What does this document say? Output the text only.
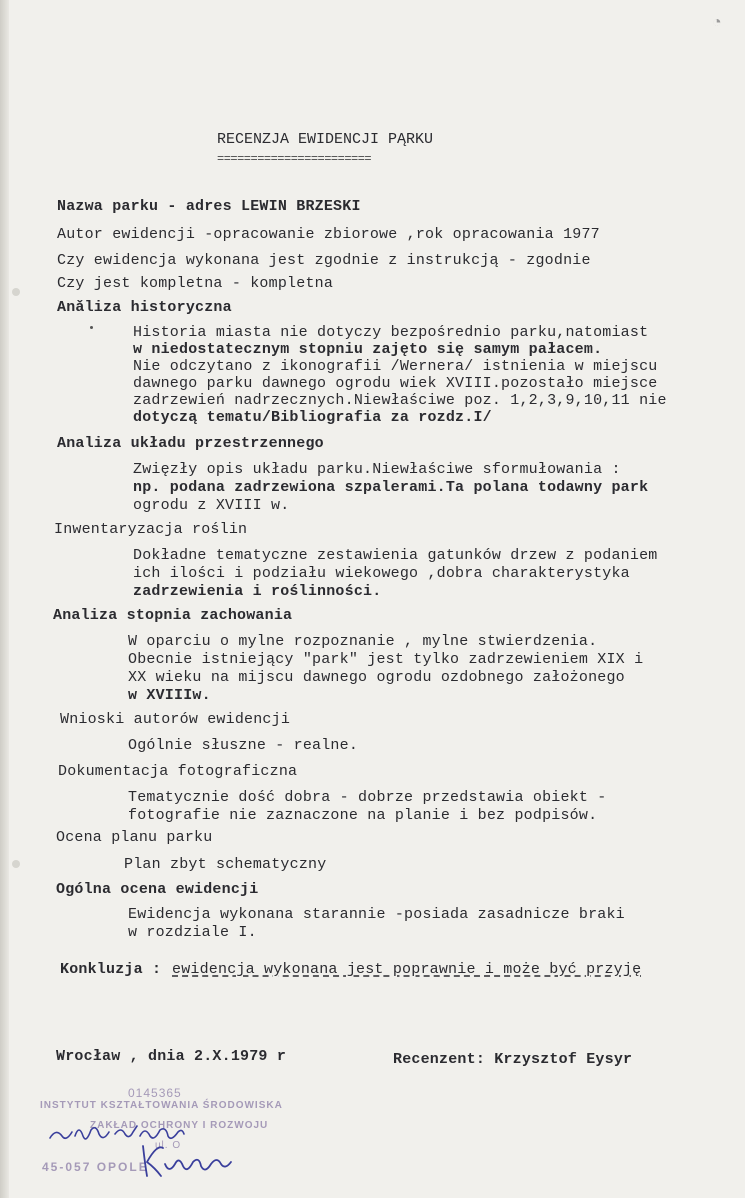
◔
RECENZJA EWIDENCJI PĄRKU
=======================
Nazwa parku - adres LEWIN BRZESKI
Autor ewidencji -opracowanie zbiorowe ,rok opracowania 1977
Czy ewidencja wykonana jest zgodnie z instrukcją - zgodnie
Czy jest kompletna - kompletna
Anǎliza historyczna
Historia miasta nie dotyczy bezpośrednio parku,natomiast
w niedostatecznym stopniu zajęto się samym pałacem.
Nie odczytano z ikonografii /Wernera/ istnienia w miejscu
dawnego parku dawnego ogrodu wiek XVIII.pozostało miejsce
zadrzewień nadrzecznych.Niewłaściwe poz. 1,2,3,9,10,11 nie
dotyczą tematu/Bibliografia za rozdz.I/
Analiza układu przestrzennego
Zwięzły opis układu parku.Niewłaściwe sformułowania :
np. podana zadrzewiona szpalerami.Ta polana todawny park
ogrodu z XVIII w.
Inwentaryzacja roślin
Dokładne tematyczne zestawienia gatunków drzew z podaniem
ich ilości i podziału wiekowego ,dobra charakterystyka
zadrzewienia i roślinności.
Analiza stopnia zachowania
W oparciu o mylne rozpoznanie , mylne stwierdzenia.
Obecnie istniejący "park" jest tylko zadrzewieniem XIX i
XX wieku na mijscu dawnego ogrodu ozdobnego założonego
w XVIIIw.
Wnioski autorów ewidencji
Ogólnie słuszne - realne.
Dokumentacja fotograficzna
Tematycznie dość dobra - dobrze przedstawia obiekt -
fotografie nie zaznaczone na planie i bez podpisów.
Ocena planu parku
Plan zbyt schematyczny
Ogólna ocena ewidencji
Ewidencja wykonana starannie -posiada zasadnicze braki
w rozdziale I.
Konkluzja : ewidencja wykonana jest poprawnie i może być przyję
Wrocław , dnia 2.X.1979 r	Recenzent: Krzysztof Eysyr
0145365
INSTYTUT KSZTAŁTOWANIA ŚRODOWISKA
ZAKŁAD OCHRONY I ROZWOJU
ul. O
45-057 OPOLE
